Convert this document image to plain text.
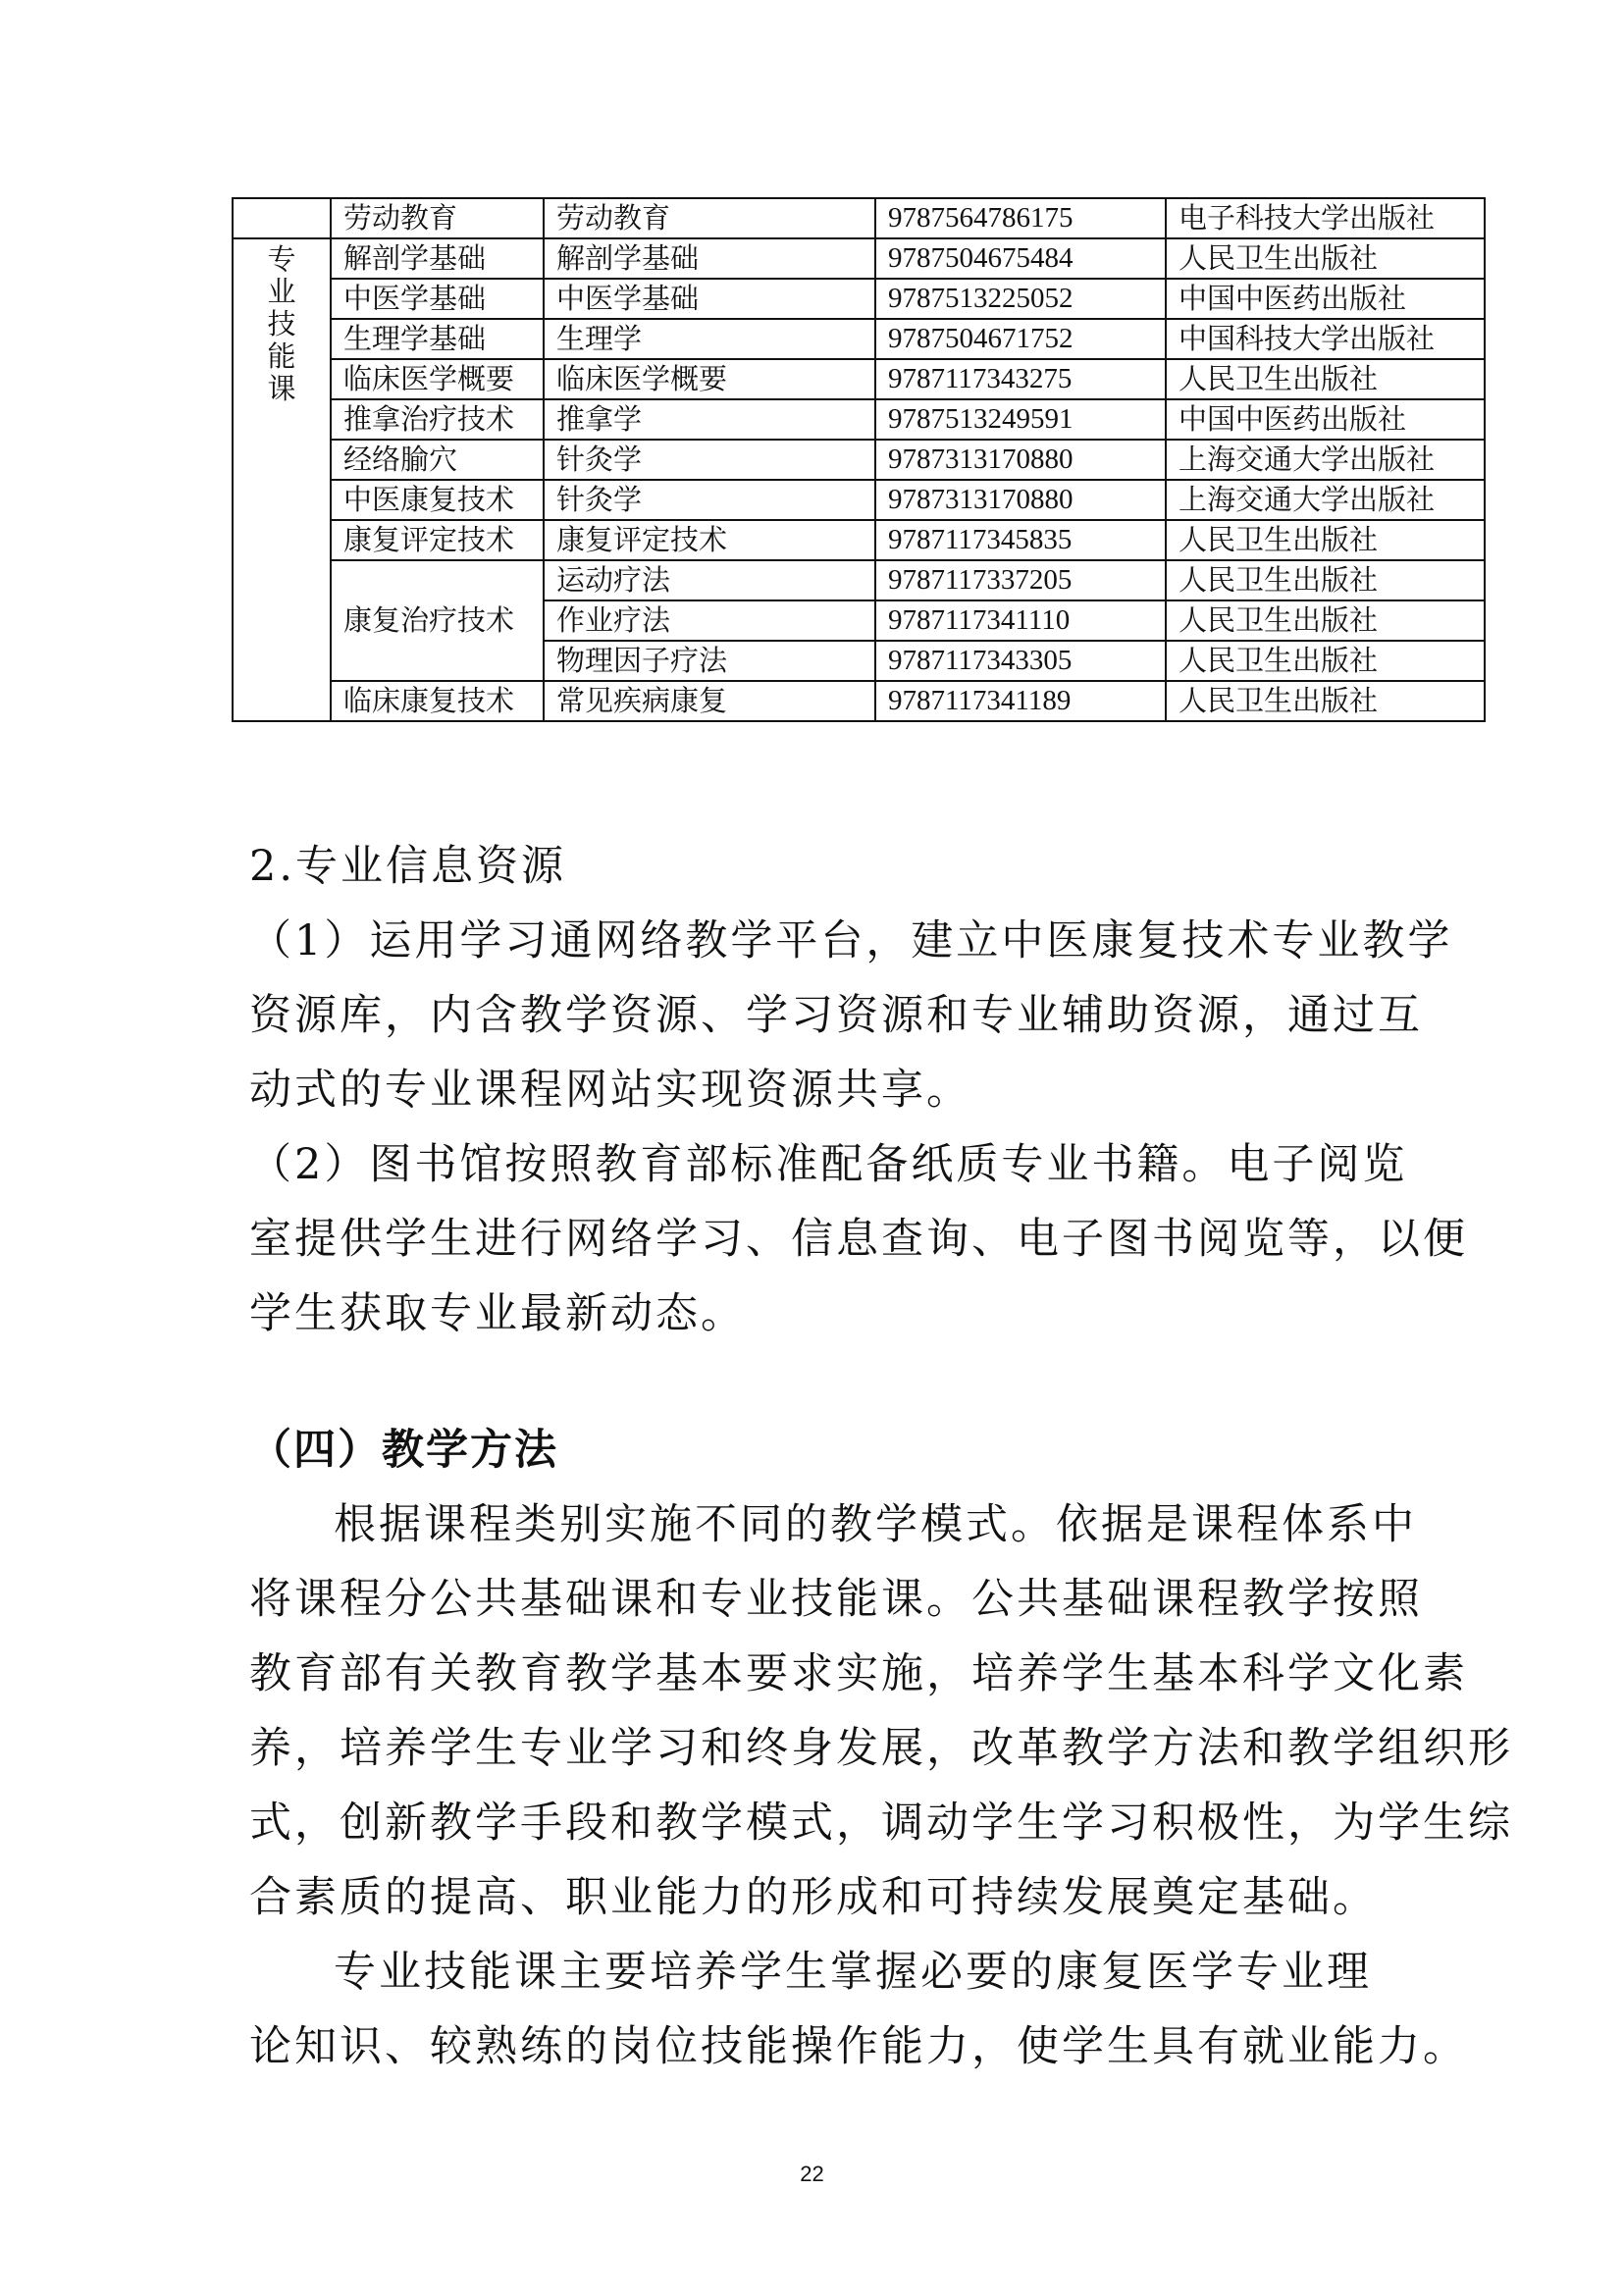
	劳动教育	劳动教育	9787564786175	电子科技大学出版社

专业技能课	解剖学基础	解剖学基础	9787504675484	人民卫生出版社
	中医学基础	中医学基础	9787513225052	中国中医药出版社
	生理学基础	生理学	9787504671752	中国科技大学出版社
	临床医学概要	临床医学概要	9787117343275	人民卫生出版社
	推拿治疗技术	推拿学	9787513249591	中国中医药出版社
	经络腧穴	针灸学	9787313170880	上海交通大学出版社
	中医康复技术	针灸学	9787313170880	上海交通大学出版社
	康复评定技术	康复评定技术	9787117345835	人民卫生出版社
	康复治疗技术	运动疗法	9787117337205	人民卫生出版社
		作业疗法	9787117341110	人民卫生出版社
		物理因子疗法	9787117343305	人民卫生出版社
	临床康复技术	常见疾病康复	9787117341189	人民卫生出版社
2.专业信息资源
（1）运用学习通网络教学平台，建立中医康复技术专业教学
资源库，内含教学资源、学习资源和专业辅助资源，通过互
动式的专业课程网站实现资源共享。
（2）图书馆按照教育部标准配备纸质专业书籍。电子阅览
室提供学生进行网络学习、信息查询、电子图书阅览等，以便
学生获取专业最新动态。
（四）教学方法
根据课程类别实施不同的教学模式。依据是课程体系中
将课程分公共基础课和专业技能课。公共基础课程教学按照
教育部有关教育教学基本要求实施，培养学生基本科学文化素
养，培养学生专业学习和终身发展，改革教学方法和教学组织形
式，创新教学手段和教学模式，调动学生学习积极性，为学生综
合素质的提高、职业能力的形成和可持续发展奠定基础。
专业技能课主要培养学生掌握必要的康复医学专业理
论知识、较熟练的岗位技能操作能力，使学生具有就业能力。
22
